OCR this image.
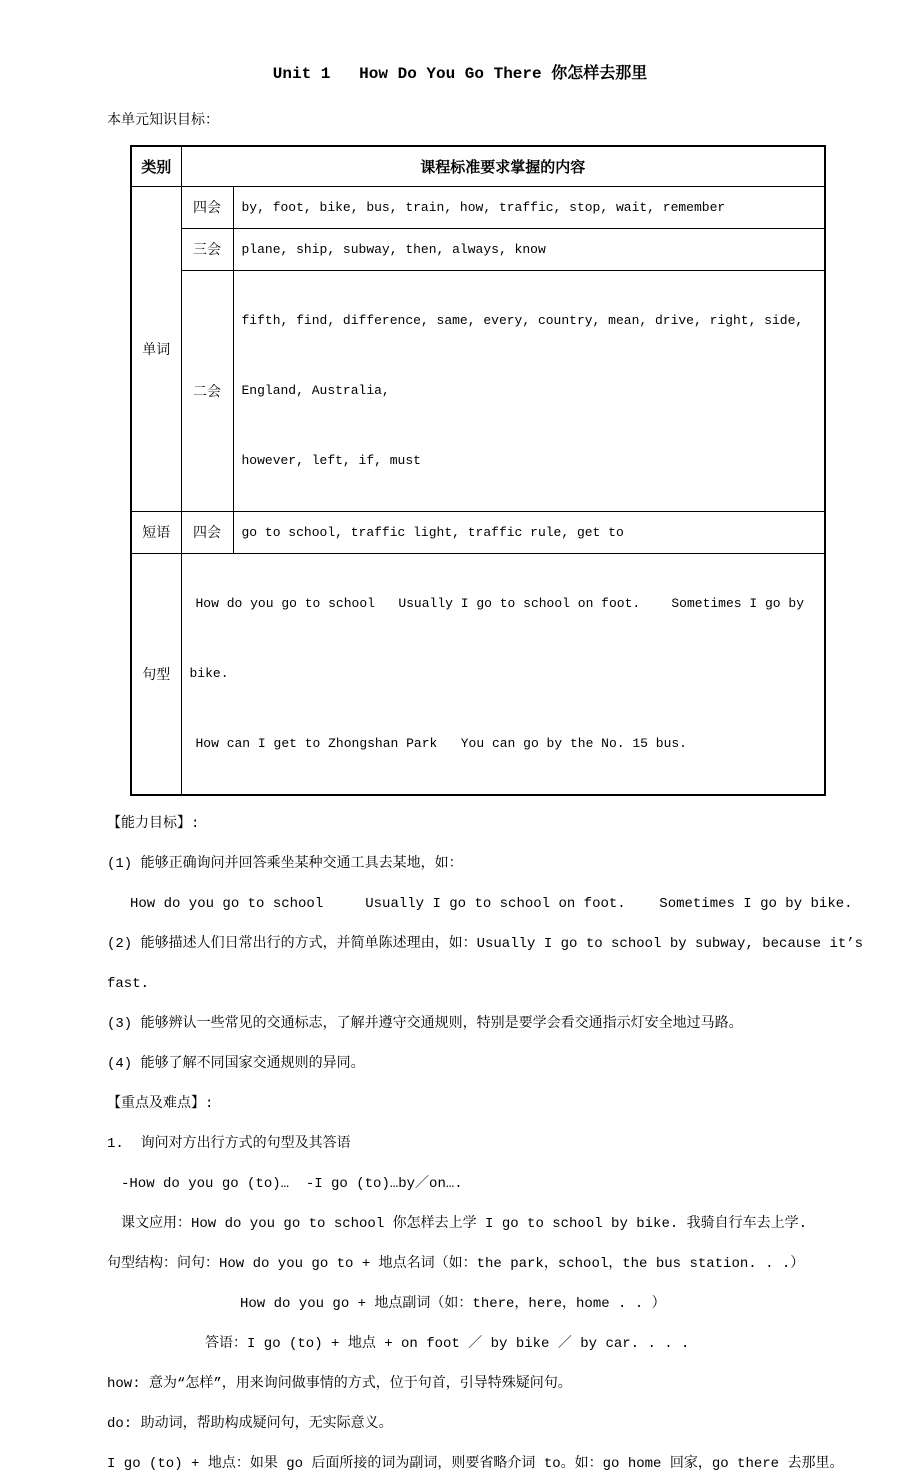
Unit 1   How Do You Go There 你怎样去那里
本单元知识目标：
类别	课程标准要求掌握的内容	
单词	四会	by, foot, bike, bus, train, how, traffic, stop, wait, remember
	三会	plane, ship, subway, then, always, know
	二会	fifth, find, difference, same, every, country, mean, drive, right, side,

England, Australia,

however, left, if, must

短语	四会	go to school, traffic light, traffic rule, get to
句型	How do you go to school   Usually I go to school on foot.    Sometimes I go by

bike.

How can I get to Zhongshan Park   You can go by the No. 15 bus.	

【能力目标】:
(1) 能够正确询问并回答乘坐某种交通工具去某地，如：
How do you go to school     Usually I go to school on foot.    Sometimes I go by bike.
(2) 能够描述人们日常出行的方式，并简单陈述理由，如：Usually I go to school by subway, because it’s
fast.
(3) 能够辨认一些常见的交通标志，了解并遵守交通规则，特别是要学会看交通指示灯安全地过马路。
(4) 能够了解不同国家交通规则的异同。
【重点及难点】:
1.  询问对方出行方式的句型及其答语
-How do you go (to)…  -I go (to)…by／on….
课文应用：How do you go to school 你怎样去上学 I go to school by bike. 我骑自行车去上学.
句型结构：问句：How do you go to + 地点名词（如：the park，school，the bus station. . .）
How do you go + 地点副词（如：there，here，home . . ）
答语：I go (to) + 地点 + on foot ／ by bike ／ by car. . . .
how: 意为“怎样”，用来询问做事情的方式，位于句首，引导特殊疑问句。
do: 助动词，帮助构成疑问句，无实际意义。
I go (to) + 地点：如果 go 后面所接的词为副词，则要省略介词 to。如：go home 回家，go there 去那里。
